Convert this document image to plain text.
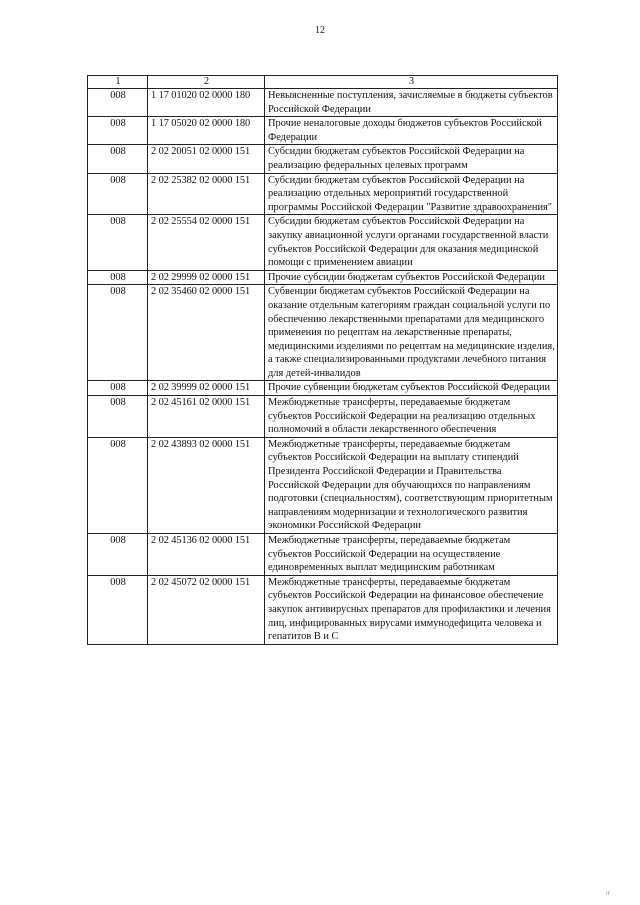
12
1	2	3
008	1 17 01020 02 0000 180	Невыясненные поступления, зачисляемые в бюджеты субъектов Российской Федерации
008	1 17 05020 02 0000 180	Прочие неналоговые доходы бюджетов субъектов Российской Федерации
008	2 02 20051 02 0000 151	Субсидии бюджетам субъектов Российской Федерации на реализацию федеральных целевых программ
008	2 02 25382 02 0000 151	Субсидии бюджетам субъектов Российской Федерации на реализацию отдельных мероприятий государственной программы Российской Федерации "Развитие здравоохранения"
008	2 02 25554 02 0000 151	Субсидии бюджетам субъектов Российской Федерации на закупку авиационной услуги органами государственной власти субъектов Российской Федерации для оказания медицинской помощи с применением авиации
008	2 02 29999 02 0000 151	Прочие субсидии бюджетам субъектов Российской Федерации
008	2 02 35460 02 0000 151	Субвенции бюджетам субъектов Российской Федерации на оказание отдельным категориям граждан социальной услуги по обеспечению лекарственными препаратами для медицинского применения по рецептам на лекарственные препараты, медицинскими изделиями по рецептам на медицинские изделия, а также специализированными продуктами лечебного питания для детей-инвалидов
008	2 02 39999 02 0000 151	Прочие субвенции бюджетам субъектов Российской Федерации
008	2 02 45161 02 0000 151	Межбюджетные трансферты, передаваемые бюджетам субъектов Российской Федерации на реализацию отдельных полномочий в области лекарственного обеспечения
008	2 02 43893 02 0000 151	Межбюджетные трансферты, передаваемые бюджетам субъектов Российской Федерации на выплату стипендий Президента Российской Федерации и Правительства Российской Федерации для обучающихся по направлениям подготовки (специальностям), соответствующим приоритетным направлениям модернизации и технологического развития экономики Российской Федерации
008	2 02 45136 02 0000 151	Межбюджетные трансферты, передаваемые бюджетам субъектов Российской Федерации на осуществление единовременных выплат медицинским работникам
008	2 02 45072 02 0000 151	Межбюджетные трансферты, передаваемые бюджетам субъектов Российской Федерации на финансовое обеспечение закупок антивирусных препаратов для профилактики и лечения лиц, инфицированных вирусами иммунодефицита человека и гепатитов В и С
ır
